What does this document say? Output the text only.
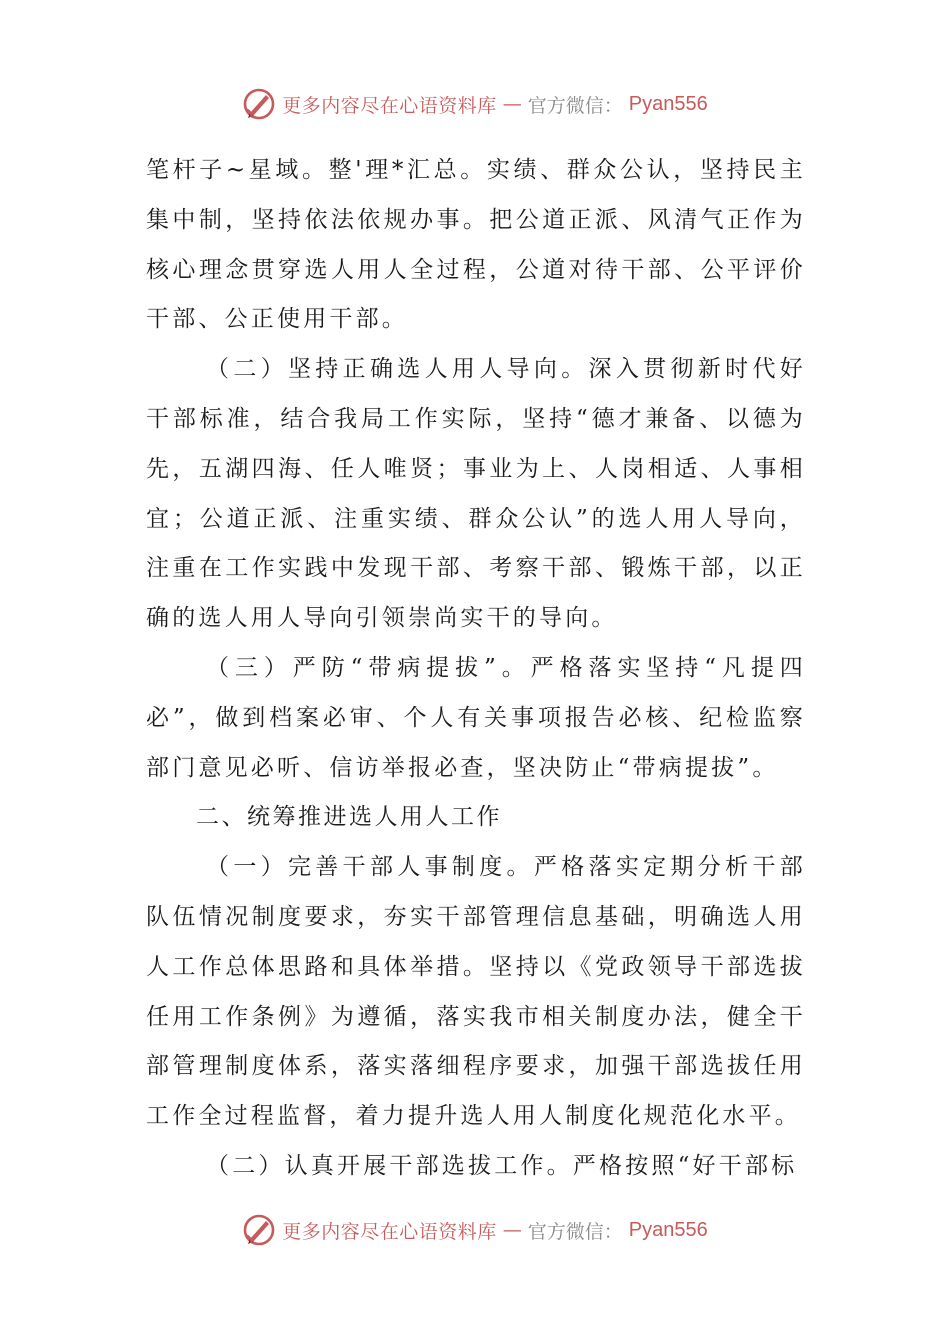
更多内容尽在心语资料库 — 官方微信： Pyan556

笔杆子~星域。整'理*汇总。实绩、群众公认，坚持民主集中制，坚持依法依规办事。把公道正派、风清气正作为核心理念贯穿选人用人全过程，公道对待干部、公平评价干部、公正使用干部。

（二）坚持正确选人用人导向。深入贯彻新时代好干部标准，结合我局工作实际，坚持“德才兼备、以德为先，五湖四海、任人唯贤；事业为上、人岗相适、人事相宜；公道正派、注重实绩、群众公认”的选人用人导向，注重在工作实践中发现干部、考察干部、锻炼干部，以正确的选人用人导向引领崇尚实干的导向。

（三）严防“带病提拔”。严格落实坚持“凡提四必”，做到档案必审、个人有关事项报告必核、纪检监察部门意见必听、信访举报必查，坚决防止“带病提拔”。

二、统筹推进选人用人工作

（一）完善干部人事制度。严格落实定期分析干部队伍情况制度要求，夯实干部管理信息基础，明确选人用人工作总体思路和具体举措。坚持以《党政领导干部选拔任用工作条例》为遵循，落实我市相关制度办法，健全干部管理制度体系，落实落细程序要求，加强干部选拔任用工作全过程监督，着力提升选人用人制度化规范化水平。

（二）认真开展干部选拔工作。严格按照“好干部标

更多内容尽在心语资料库 — 官方微信： Pyan556
